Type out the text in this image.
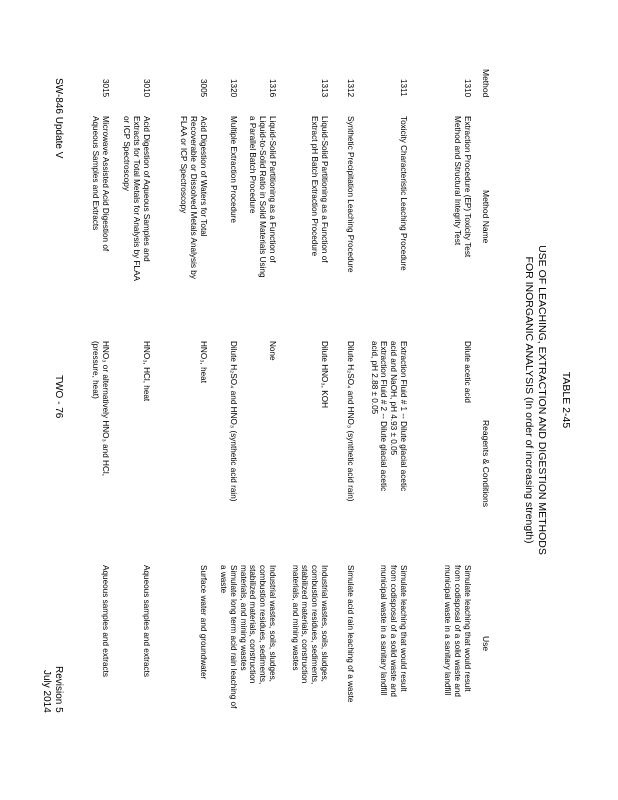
TABLE 2-45
USE OF LEACHING, EXTRACTION AND DIGESTION METHODS
FOR INORGANIC ANALYSIS (In order of increasing strength)
Method
Method Name
Reagents & Conditions
Use
1310
Extraction Procedure (EP) Toxicity Test
Method and Structural Integrity Test
Dilute acetic acid
Simulate leaching that would result
from codisposal of a solid waste and
municipal waste in a sanitary landfill
1311
Toxicity Characteristic Leaching Procedure
Extraction Fluid # 1 -- Dilute glacial acetic
acid and NaOH, pH 4.93 ± 0.05
Extraction Fluid # 2 -- Dilute glacial acetic
acid, pH 2.88 ± 0.05
Simulate leaching that would result
from codisposal of a solid waste and
municipal waste in a sanitary landfill
1312
Synthetic Precipitation Leaching Procedure
Dilute H₂SO₄ and HNO₃ (synthetic acid rain)
Simulate acid rain leaching of a waste
1313
Liquid-Solid Partitioning as a Function of
Extract pH Batch Extraction Procedure
Dilute HNO₃, KOH
Industrial wastes, soils, sludges,
combustion residues, sediments,
stabilized materials, construction
materials, and mining wastes
1316
Liquid-Solid Partitioning as a Function of
Liquid-to-Solid Ratio in Solid Materials Using
a Parallel Batch Procedure
None
Industrial wastes, soils, sludges,
combustion residues, sediments,
stabilized materials, construction
materials, and mining wastes
1320
Multiple Extraction Procedure
Dilute H₂SO₄ and HNO₃ (synthetic acid rain)
Simulate long term acid rain leaching of
a waste
3005
Acid Digestion of Waters for Total
Recoverable or Dissolved Metals Analysis by
FLAA or ICP Spectroscopy
HNO₃, heat
Surface water and groundwater
3010
Acid Digestion of Aqueous Samples and
Extracts for Total Metals for Analysis by FLAA
or ICP Spectroscopy
HNO₃, HCl, heat
Aqueous samples and extracts
3015
Microwave Assisted Acid Digestion of
Aqueous Samples and Extracts
HNO₃ or alternatively HNO₃ and HCl,
(pressure, heat)
Aqueous samples and extracts
SW-846 Update V
TWO - 76
Revision 5
July 2014
